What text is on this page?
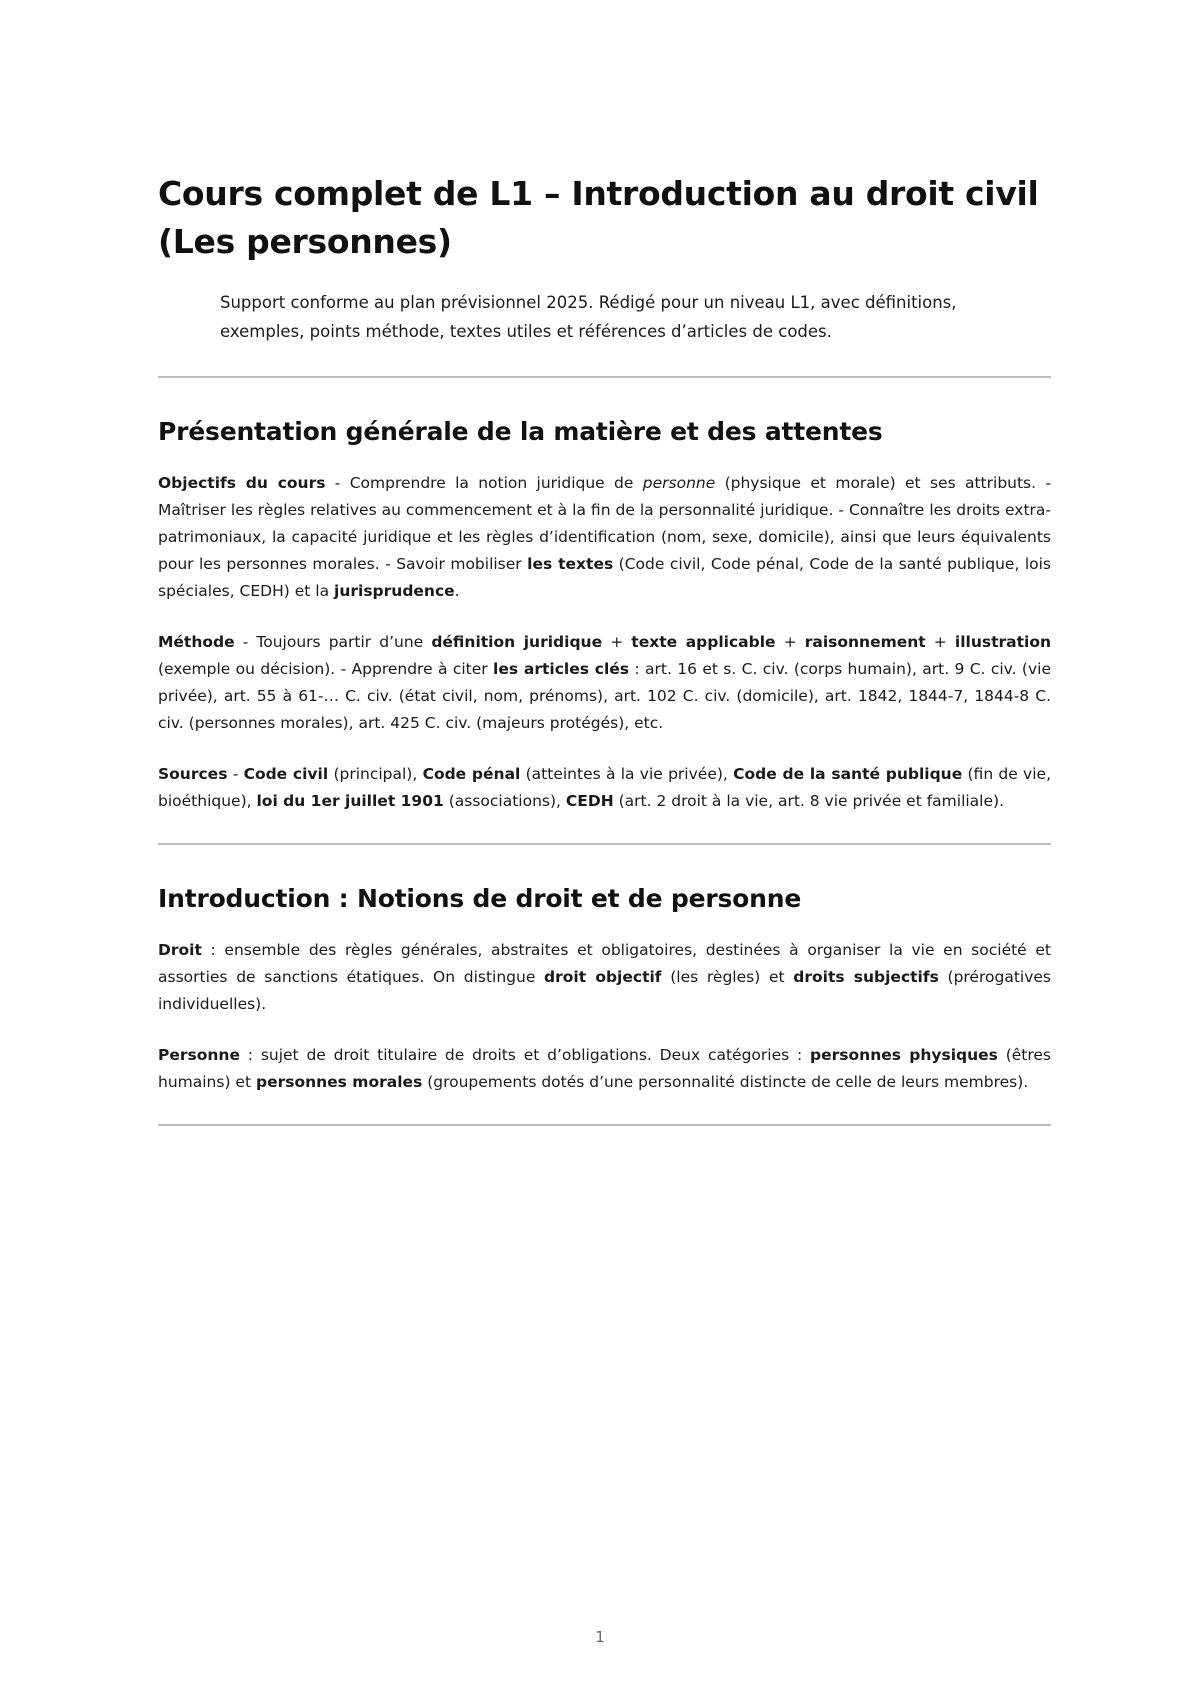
Cours complet de L1 – Introduction au droit civil (Les personnes)
Support conforme au plan prévisionnel 2025. Rédigé pour un niveau L1, avec définitions, exemples, points méthode, textes utiles et références d’articles de codes.
Présentation générale de la matière et des attentes

Objectifs du cours - Comprendre la notion juridique de personne (physique et morale) et ses attributs. - Maîtriser les règles relatives au commencement et à la fin de la personnalité juridique. - Connaître les droits extra-patrimoniaux, la capacité juridique et les règles d’identification (nom, sexe, domicile), ainsi que leurs équivalents pour les personnes morales. - Savoir mobiliser les textes (Code civil, Code pénal, Code de la santé publique, lois spéciales, CEDH) et la jurisprudence.

Méthode - Toujours partir d’une définition juridique + texte applicable + raisonnement + illustration (exemple ou décision). - Apprendre à citer les articles clés : art. 16 et s. C. civ. (corps humain), art. 9 C. civ. (vie privée), art. 55 à 61-… C. civ. (état civil, nom, prénoms), art. 102 C. civ. (domicile), art. 1842, 1844-7, 1844-8 C. civ. (personnes morales), art. 425 C. civ. (majeurs protégés), etc.

Sources - Code civil (principal), Code pénal (atteintes à la vie privée), Code de la santé publique (fin de vie, bioéthique), loi du 1er juillet 1901 (associations), CEDH (art. 2 droit à la vie, art. 8 vie privée et familiale).

Introduction : Notions de droit et de personne

Droit : ensemble des règles générales, abstraites et obligatoires, destinées à organiser la vie en société et assorties de sanctions étatiques. On distingue droit objectif (les règles) et droits subjectifs (prérogatives individuelles).

Personne : sujet de droit titulaire de droits et d’obligations. Deux catégories : personnes physiques (êtres humains) et personnes morales (groupements dotés d’une personnalité distincte de celle de leurs membres).

1
